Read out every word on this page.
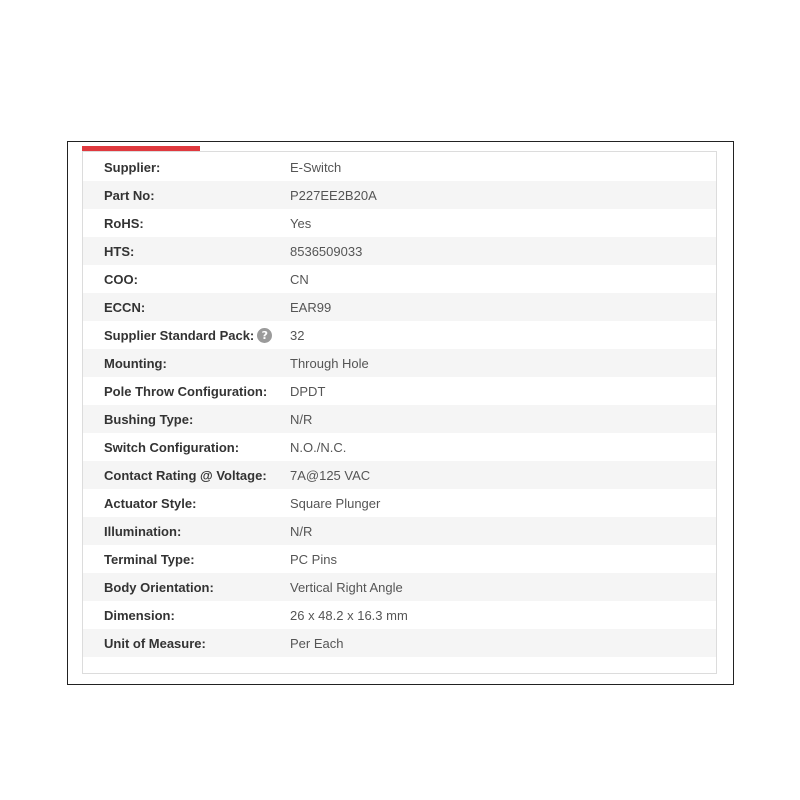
Supplier:	E-Switch
Part No:	P227EE2B20A
RoHS:	Yes
HTS:	8536509033
COO:	CN
ECCN:	EAR99
Supplier Standard Pack: ?	32
Mounting:	Through Hole
Pole Throw Configuration:	DPDT
Bushing Type:	N/R
Switch Configuration:	N.O./N.C.
Contact Rating @ Voltage:	7A@125 VAC
Actuator Style:	Square Plunger
Illumination:	N/R
Terminal Type:	PC Pins
Body Orientation:	Vertical Right Angle
Dimension:	26 x 48.2 x 16.3 mm
Unit of Measure:	Per Each
